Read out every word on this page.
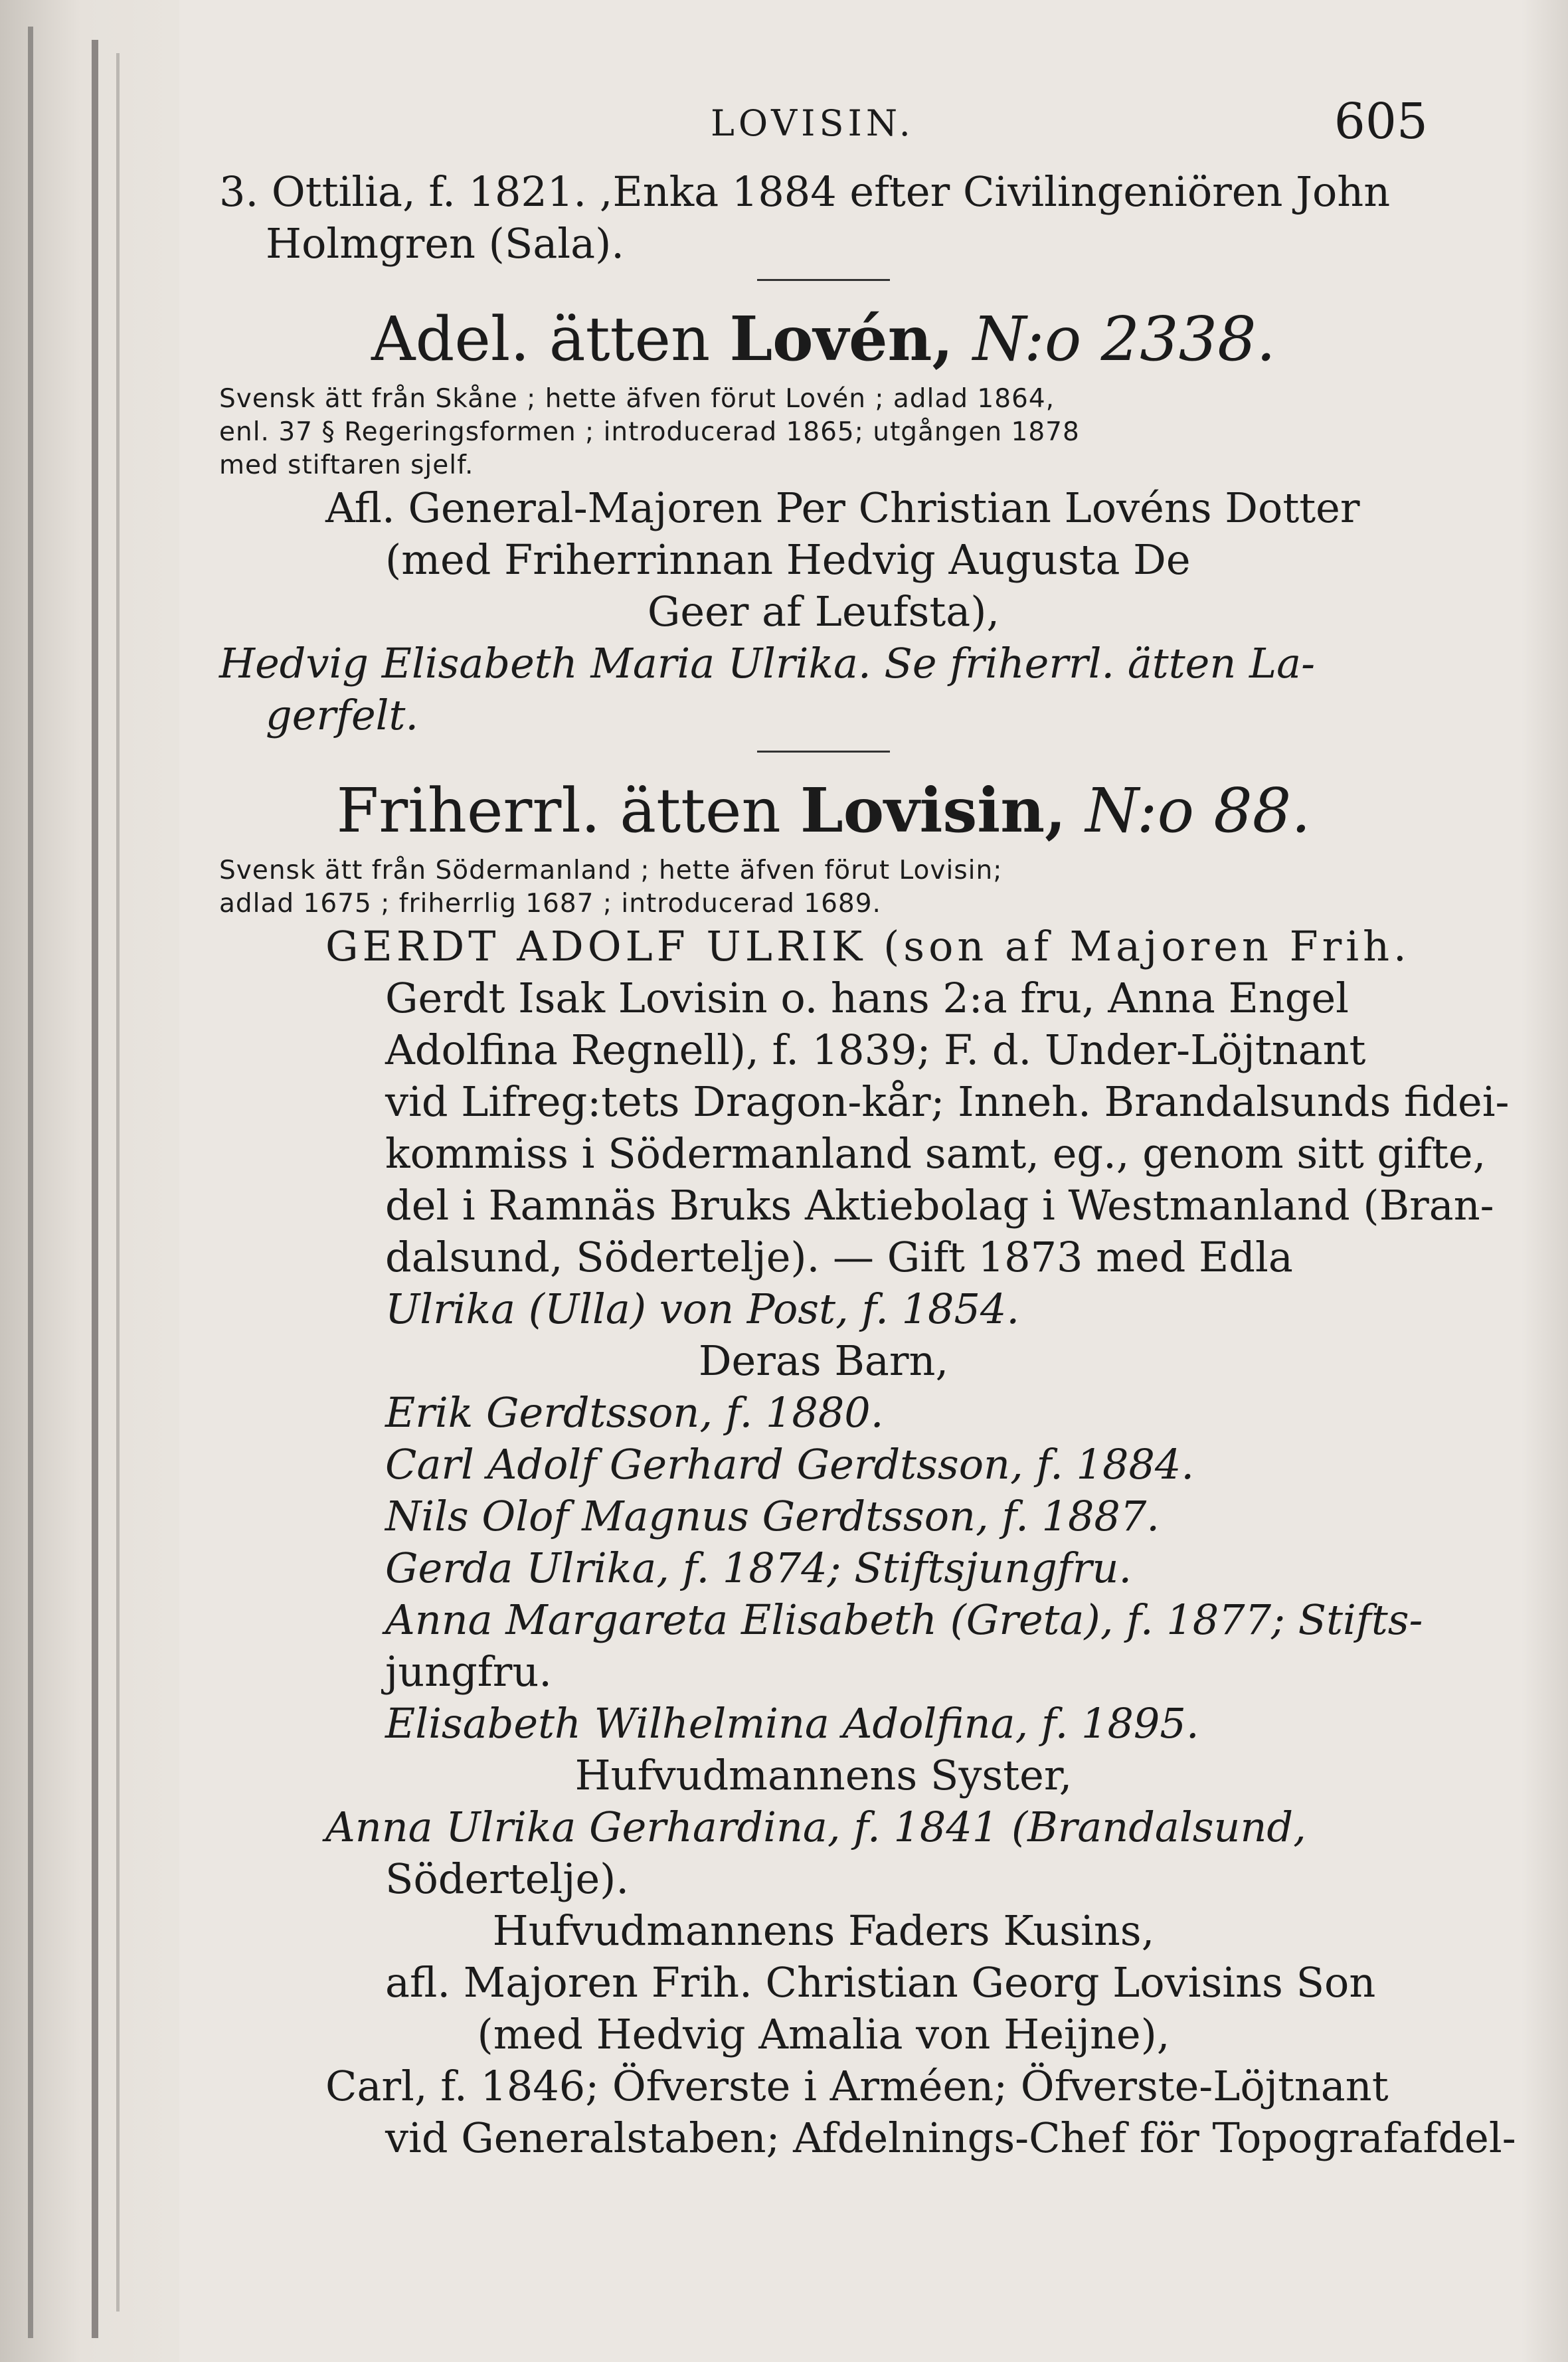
LOVISIN.	605
3. Ottilia, f. 1821. ,Enka 1884 efter Civilingeniören John
Holmgren (Sala).
Adel. ätten Lovén, N:o 2338.
Svensk ätt från Skåne ; hette äfven förut Lovén ; adlad 1864,
enl. 37 § Regeringsformen ; introducerad 1865; utgången 1878
med stiftaren sjelf.
Afl. General-Majoren Per Christian Lovéns Dotter
(med Friherrinnan Hedvig Augusta De
Geer af Leufsta),
Hedvig Elisabeth Maria Ulrika. Se friherrl. ätten La-
gerfelt.
Friherrl. ätten Lovisin, N:o 88.
Svensk ätt från Södermanland ; hette äfven förut Lovisin;
adlad 1675 ; friherrlig 1687 ; introducerad 1689.
GERDT ADOLF ULRIK (son af Majoren Frih.
Gerdt Isak Lovisin o. hans 2:a fru, Anna Engel
Adolfina Regnell), f. 1839; F. d. Under-Löjtnant
vid Lifreg:tets Dragon-kår; Inneh. Brandalsunds fidei-
kommiss i Södermanland samt, eg., genom sitt gifte,
del i Ramnäs Bruks Aktiebolag i Westmanland (Bran-
dalsund, Södertelje). — Gift 1873 med Edla
Ulrika (Ulla) von Post, f. 1854.
Deras Barn,
Erik Gerdtsson, f. 1880.
Carl Adolf Gerhard Gerdtsson, f. 1884.
Nils Olof Magnus Gerdtsson, f. 1887.
Gerda Ulrika, f. 1874; Stiftsjungfru.
Anna Margareta Elisabeth (Greta), f. 1877; Stifts-
jungfru.
Elisabeth Wilhelmina Adolfina, f. 1895.
Hufvudmannens Syster,
Anna Ulrika Gerhardina, f. 1841 (Brandalsund,
Södertelje).
Hufvudmannens Faders Kusins,
afl. Majoren Frih. Christian Georg Lovisins Son
(med Hedvig Amalia von Heijne),
Carl, f. 1846; Öfverste i Arméen; Öfverste-Löjtnant
vid Generalstaben; Afdelnings-Chef för Topografafdel-
